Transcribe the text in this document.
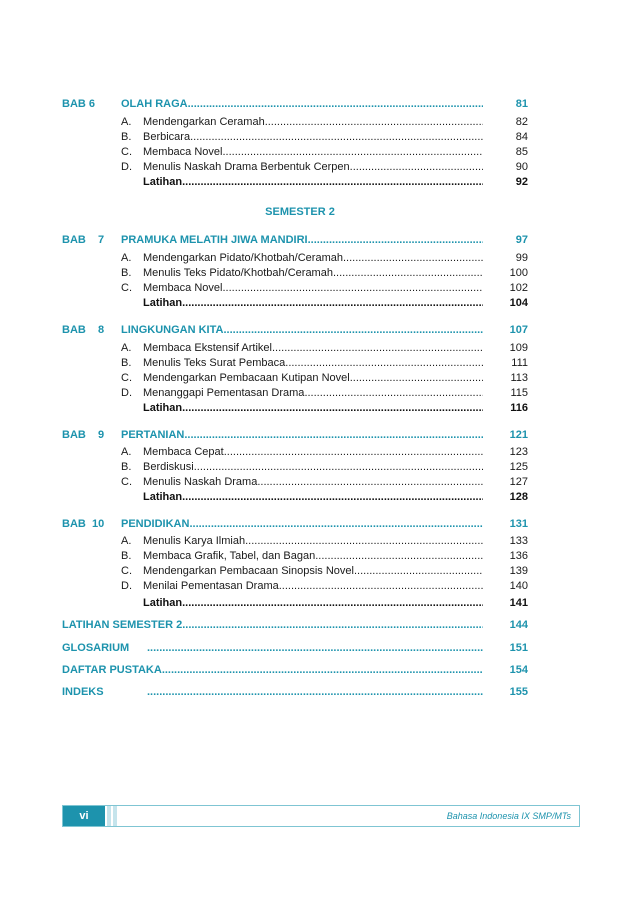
BAB 6 OLAH RAGA .....	81
A. Mendengarkan Ceramah .....	82
B. Berbicara .....	84
C. Membaca Novel .....	85
D. Menulis Naskah Drama Berbentuk Cerpen .....	90
Latihan .....	92
SEMESTER 2
BAB 7 PRAMUKA MELATIH JIWA MANDIRI .....	97
A. Mendengarkan Pidato/Khotbah/Ceramah .....	99
B. Menulis Teks Pidato/Khotbah/Ceramah .....	100
C. Membaca Novel .....	102
Latihan .....	104
BAB 8 LINGKUNGAN KITA .....	107
A. Membaca Ekstensif Artikel .....	109
B. Menulis Teks Surat Pembaca .....	111
C. Mendengarkan Pembacaan Kutipan Novel .....	113
D. Menanggapi Pementasan Drama .....	115
Latihan .....	116
BAB 9 PERTANIAN .....	121
A. Membaca Cepat .....	123
B. Berdiskusi .....	125
C. Menulis Naskah Drama .....	127
Latihan .....	128
BAB 10 PENDIDIKAN .....	131
A. Menulis Karya Ilmiah .....	133
B. Membaca Grafik, Tabel, dan Bagan .....	136
C. Mendengarkan Pembacaan Sinopsis Novel .....	139
D. Menilai Pementasan Drama .....	140
Latihan .....	141
LATIHAN SEMESTER 2 .....	144
GLOSARIUM .....	151
DAFTAR PUSTAKA .....	154
INDEKS .....	155
vi	Bahasa Indonesia IX SMP/MTs
